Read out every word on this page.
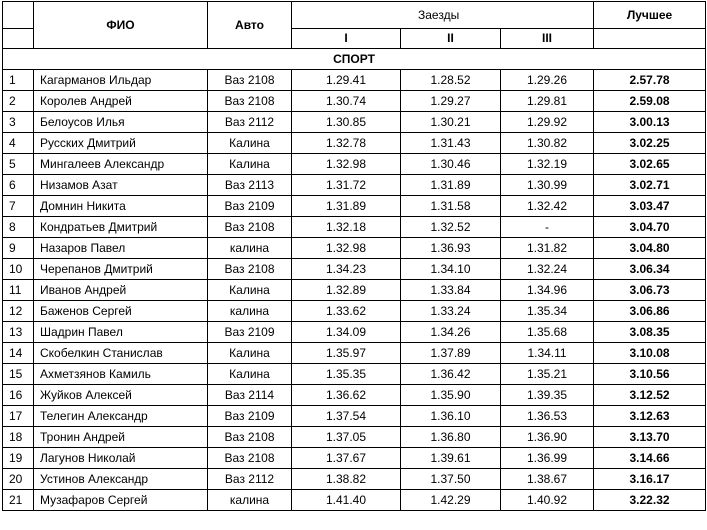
	ФИО	Авто	Заезды			Лучшее
			I	II	III	
СПОРТ						
1	Кагарманов Ильдар	Ваз 2108	1.29.41	1.28.52	1.29.26	2.57.78
2	Королев Андрей	Ваз 2108	1.30.74	1.29.27	1.29.81	2.59.08
3	Белоусов Илья	Ваз 2112	1.30.85	1.30.21	1.29.92	3.00.13
4	Русских Дмитрий	Калина	1.32.78	1.31.43	1.30.82	3.02.25
5	Мингалеев Александр	Калина	1.32.98	1.30.46	1.32.19	3.02.65
6	Низамов Азат	Ваз 2113	1.31.72	1.31.89	1.30.99	3.02.71
7	Домнин Никита	Ваз 2109	1.31.89	1.31.58	1.32.42	3.03.47
8	Кондратьев Дмитрий	Ваз 2108	1.32.18	1.32.52	-	3.04.70
9	Назаров Павел	калина	1.32.98	1.36.93	1.31.82	3.04.80
10	Черепанов Дмитрий	Ваз 2108	1.34.23	1.34.10	1.32.24	3.06.34
11	Иванов Андрей	Калина	1.32.89	1.33.84	1.34.96	3.06.73
12	Баженов Сергей	калина	1.33.62	1.33.24	1.35.34	3.06.86
13	Шадрин Павел	Ваз 2109	1.34.09	1.34.26	1.35.68	3.08.35
14	Скобелкин Станислав	Калина	1.35.97	1.37.89	1.34.11	3.10.08
15	Ахметзянов Камиль	Калина	1.35.35	1.36.42	1.35.21	3.10.56
16	Жуйков Алексей	Ваз 2114	1.36.62	1.35.90	1.39.35	3.12.52
17	Телегин Александр	Ваз 2109	1.37.54	1.36.10	1.36.53	3.12.63
18	Тронин Андрей	Ваз 2108	1.37.05	1.36.80	1.36.90	3.13.70
19	Лагунов Николай	Ваз 2108	1.37.67	1.39.61	1.36.99	3.14.66
20	Устинов Александр	Ваз 2112	1.38.82	1.37.50	1.38.67	3.16.17
21	Музафаров Сергей	калина	1.41.40	1.42.29	1.40.92	3.22.32
